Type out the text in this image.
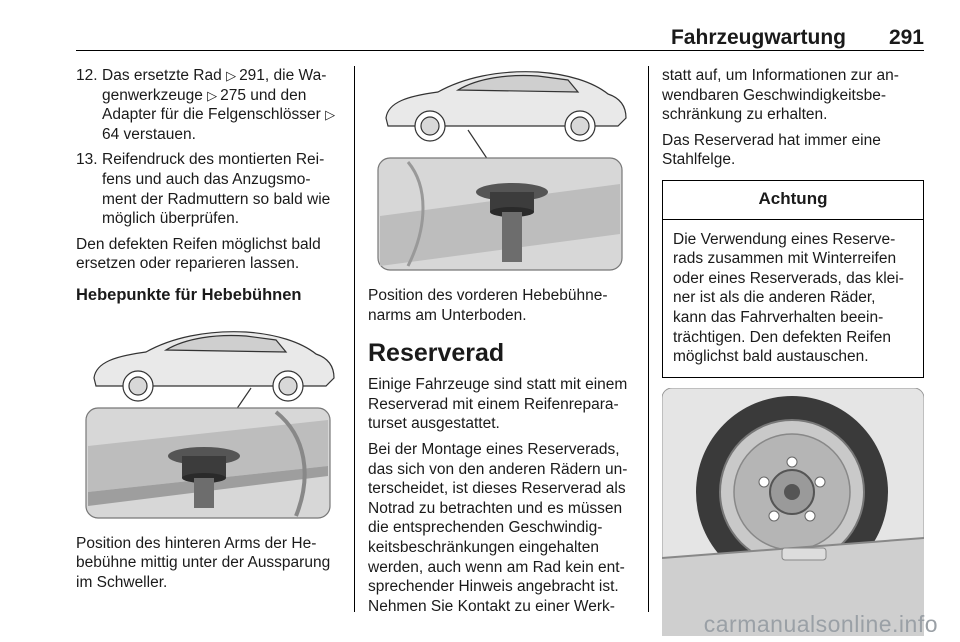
Fahrzeugwartung 291
12. Das ersetzte Rad ▷ 291, die Wa-genwerkzeuge ▷ 275 und den Adapter für die Felgenschlösser ▷64 verstauen.
13. Reifendruck des montierten Rei-fens und auch das Anzugsmo-ment der Radmuttern so bald wie möglich überprüfen.

Den defekten Reifen möglichst bald ersetzen oder reparieren lassen.

Hebepunkte für Hebebühnen

Position des hinteren Arms der He-bebühne mittig unter der Aussparung im Schweller.

Position des vorderen Hebebühne-narms am Unterboden.

Reserverad

Einige Fahrzeuge sind statt mit einem Reserverad mit einem Reifenrepara-turset ausgestattet.

Bei der Montage eines Reserverads, das sich von den anderen Rädern un-terscheidet, ist dieses Reserverad als Notrad zu betrachten und es müssen die entsprechenden Geschwindig-keitsbeschränkungen eingehalten werden, auch wenn am Rad kein ent-sprechender Hinweis angebracht ist. Nehmen Sie Kontakt zu einer Werk-

statt auf, um Informationen zur an-wendbaren Geschwindigkeitsbe-schränkung zu erhalten.

Das Reserverad hat immer eine Stahlfelge.

Achtung
Die Verwendung eines Reserve-rads zusammen mit Winterreifen oder eines Reserverads, das klei-ner ist als die anderen Räder, kann das Fahrverhalten beein-trächtigen. Den defekten Reifen möglichst bald austauschen.
carmanualsonline.info
